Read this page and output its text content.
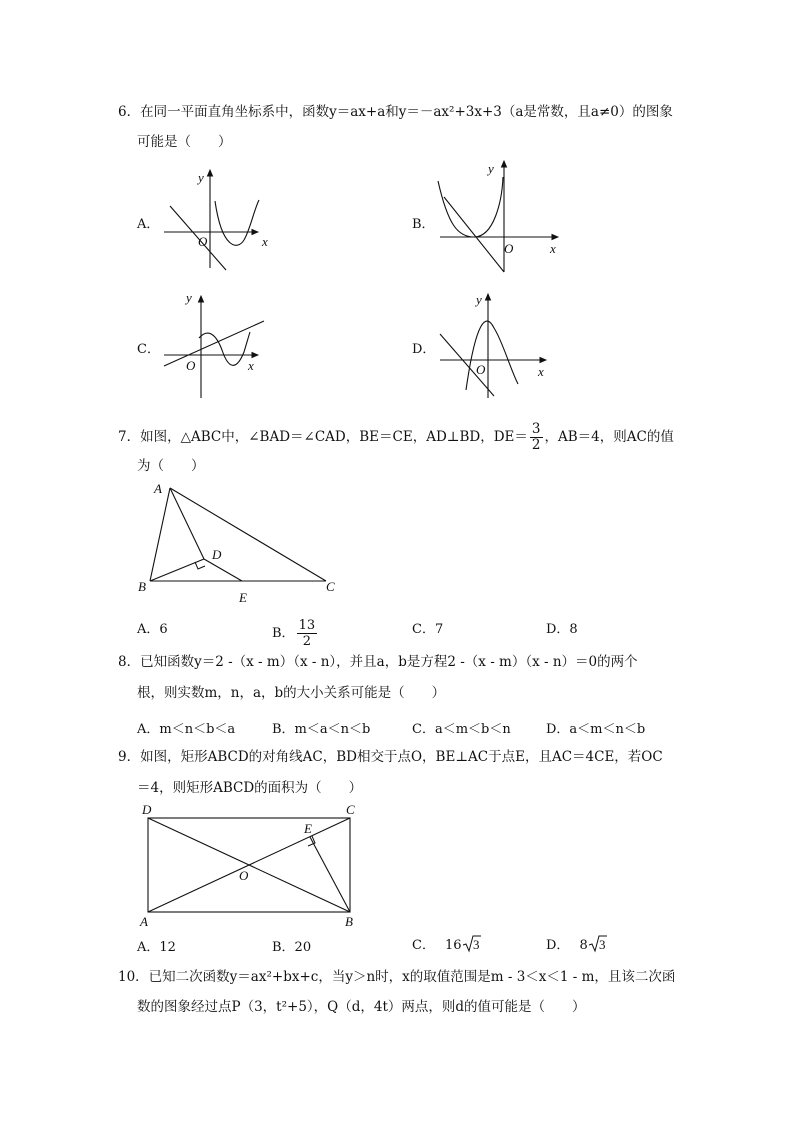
6．在同一平面直角坐标系中，函数y＝ax+a和y＝－ax²+3x+3（a是常数，且a≠0）的图象
可能是（　　）
A．	B．
C．	D．
y
O	x
y
O	x
y
O	x
y
O	x
7．如图，△ABC中，∠BAD＝∠CAD，BE＝CE，AD⊥BD，$DE= \frac{3}{2}$ ，AB＝4，则AC的值
为（　　）
A
B	C
D
E
A．6	B． $\frac{13}{2}$	C．7	D．8
8．已知函数y＝2 -（x - m）（x - n），并且a，b是方程2 -（x - m）（x - n）＝0的两个
根，则实数m，n，a，b的大小关系可能是（　　）
A．m＜n＜b＜a	B．m＜a＜n＜b	C．a＜m＜b＜n	D．a＜m＜n＜b
9．如图，矩形ABCD的对角线AC，BD相交于点O，BE⊥AC于点E，且AC＝4CE，若OC
＝4，则矩形ABCD的面积为（　　）
D	C
A	B
O
E
A．12	B．20	C． 16 3	D． 8 3
10．已知二次函数y＝ax²+bx+c，当y＞n时，x的取值范围是m - 3＜x＜1 - m，且该二次函
数的图象经过点P（3，t²+5），Q（d，4t）两点，则d的值可能是（　　）
